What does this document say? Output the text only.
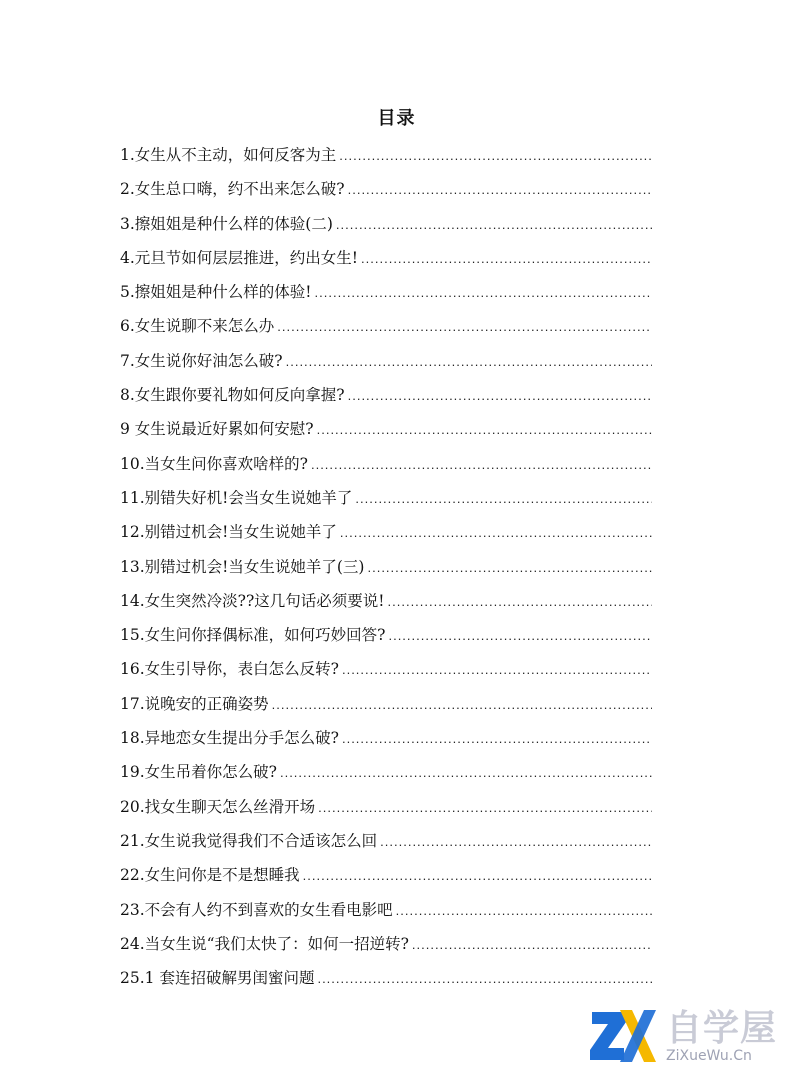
目录
1.女生从不主动，如何反客为主
.....
2.女生总口嗨，约不出来怎么破?
.....
3.擦姐姐是种什么样的体验(二)
.....
4.元旦节如何层层推进，约出女生!
.....
5.擦姐姐是种什么样的体验!
.....
6.女生说聊不来怎么办
.....
7.女生说你好油怎么破?
.....
8.女生跟你要礼物如何反向拿握?
.....
9 女生说最近好累如何安慰?
.....
10.当女生问你喜欢啥样的?
.....
11.别错失好机!会当女生说她羊了
.....
12.别错过机会!当女生说她羊了
.....
13.别错过机会!当女生说她羊了(三)
.....
14.女生突然冷淡??这几句话必须要说!
.....
15.女生问你择偶标准，如何巧妙回答?
.....
16.女生引导你，表白怎么反转?
.....
17.说晚安的正确姿势
.....
18.异地恋女生提出分手怎么破?
.....
19.女生吊着你怎么破?
.....
20.找女生聊天怎么丝滑开场
.....
21.女生说我觉得我们不合适该怎么回
.....
22.女生问你是不是想睡我
.....
23.不会有人约不到喜欢的女生看电影吧
.....
24.当女生说“我们太快了：如何一招逆转?
.....
25.1 套连招破解男闺蜜问题
.....
自学屋
ZiXueWu.Cn
